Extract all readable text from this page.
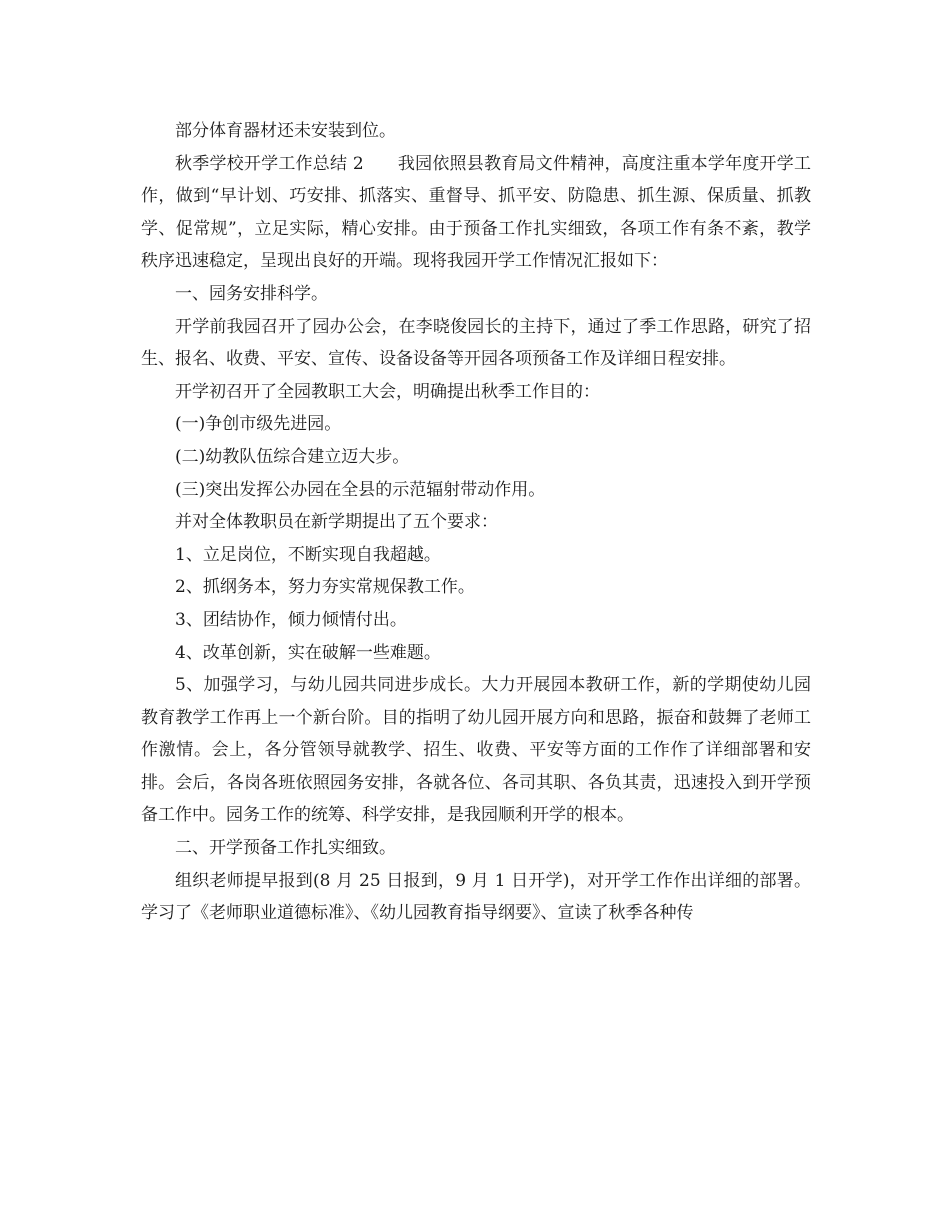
部分体育器材还未安装到位。

秋季学校开学工作总结 2 我园依照县教育局文件精神，高度注重本学年度开学工作，做到“早计划、巧安排、抓落实、重督导、抓平安、防隐患、抓生源、保质量、抓教学、促常规”，立足实际，精心安排。由于预备工作扎实细致，各项工作有条不紊，教学秩序迅速稳定，呈现出良好的开端。现将我园开学工作情况汇报如下：

一、园务安排科学。

开学前我园召开了园办公会，在李晓俊园长的主持下，通过了季工作思路，研究了招生、报名、收费、平安、宣传、设备设备等开园各项预备工作及详细日程安排。

开学初召开了全园教职工大会，明确提出秋季工作目的：

(一)争创市级先进园。

(二)幼教队伍综合建立迈大步。

(三)突出发挥公办园在全县的示范辐射带动作用。

并对全体教职员在新学期提出了五个要求：

1、立足岗位，不断实现自我超越。

2、抓纲务本，努力夯实常规保教工作。

3、团结协作，倾力倾情付出。

4、改革创新，实在破解一些难题。

5、加强学习，与幼儿园共同进步成长。大力开展园本教研工作，新的学期使幼儿园教育教学工作再上一个新台阶。目的指明了幼儿园开展方向和思路，振奋和鼓舞了老师工作激情。会上，各分管领导就教学、招生、收费、平安等方面的工作作了详细部署和安排。会后，各岗各班依照园务安排，各就各位、各司其职、各负其责，迅速投入到开学预备工作中。园务工作的统筹、科学安排，是我园顺利开学的根本。

二、开学预备工作扎实细致。

组织老师提早报到(8 月 25 日报到，9 月 1 日开学)，对开学工作作出详细的部署。学习了《老师职业道德标准》、《幼儿园教育指导纲要》、宣读了秋季各种传
